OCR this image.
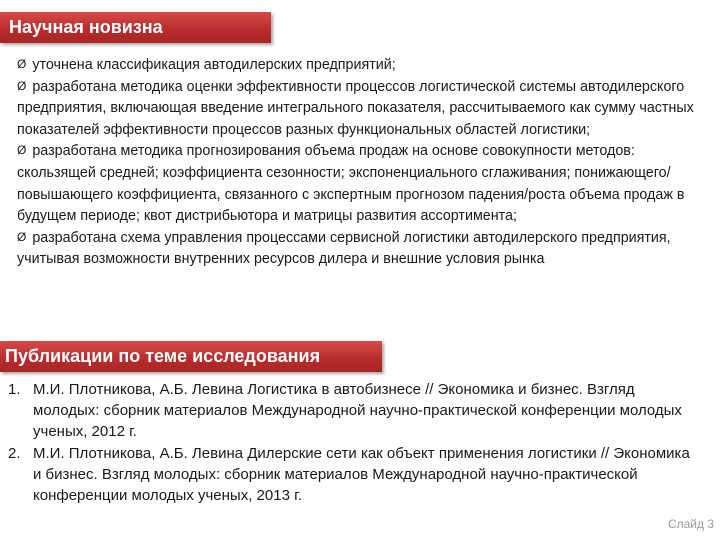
Научная новизна

Ø уточнена классификация автодилерских предприятий;

Ø разработана методика оценки эффективности процессов логистической системы автодилерского предприятия, включающая введение интегрального показателя, рассчитываемого как сумму частных показателей эффективности процессов разных функциональных областей логистики;

Ø разработана методика прогнозирования объема продаж на основе совокупности методов: скользящей средней; коэффициента сезонности; экспоненциального сглаживания; понижающего/повышающего коэффициента, связанного с экспертным прогнозом падения/роста объема продаж в будущем периоде; квот дистрибьютора и матрицы развития ассортимента;

Ø разработана схема управления процессами сервисной логистики автодилерского предприятия, учитывая возможности внутренних ресурсов дилера и внешние условия рынка

Публикации по теме исследования
1. М.И. Плотникова, А.Б. Левина Логистика в автобизнесе // Экономика и бизнес. Взгляд молодых: сборник материалов Международной научно-практической конференции молодых ученых, 2012 г.
2. М.И. Плотникова, А.Б. Левина Дилерские сети как объект применения логистики // Экономика и бизнес. Взгляд молодых: сборник материалов Международной научно-практической конференции молодых ученых, 2013 г.
Слайд 3
